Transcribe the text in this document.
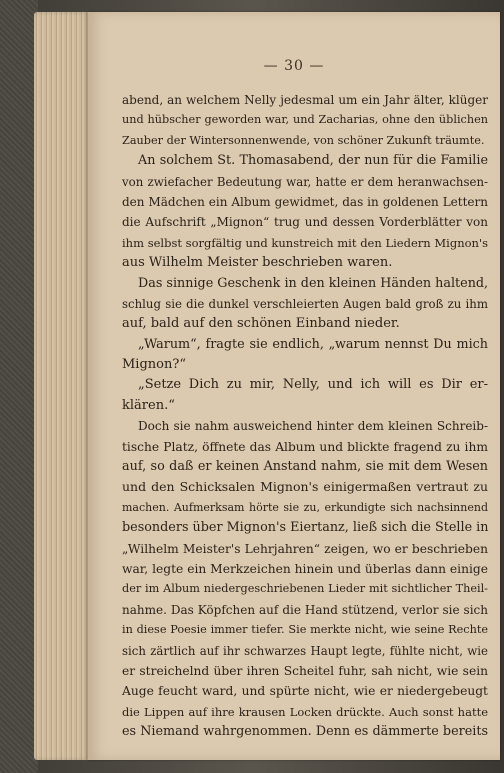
— 30 —
abend, an welchem Nelly jedesmal um ein Jahr älter, klüger
und hübscher geworden war, und Zacharias, ohne den üblichen
Zauber der Wintersonnenwende, von schöner Zukunft träumte.
An solchem St. Thomasabend, der nun für die Familie
von zwiefacher Bedeutung war, hatte er dem heranwachsen-
den Mädchen ein Album gewidmet, das in goldenen Lettern
die Aufschrift „Mignon“ trug und dessen Vorderblätter von
ihm selbst sorgfältig und kunstreich mit den Liedern Mignon's
aus Wilhelm Meister beschrieben waren.
Das sinnige Geschenk in den kleinen Händen haltend,
schlug sie die dunkel verschleierten Augen bald groß zu ihm
auf, bald auf den schönen Einband nieder.
„Warum“, fragte sie endlich, „warum nennst Du mich
Mignon?“
„Setze Dich zu mir, Nelly, und ich will es Dir er-
klären.“
Doch sie nahm ausweichend hinter dem kleinen Schreib-
tische Platz, öffnete das Album und blickte fragend zu ihm
auf, so daß er keinen Anstand nahm, sie mit dem Wesen
und den Schicksalen Mignon's einigermaßen vertraut zu
machen. Aufmerksam hörte sie zu, erkundigte sich nachsinnend
besonders über Mignon's Eiertanz, ließ sich die Stelle in
„Wilhelm Meister's Lehrjahren“ zeigen, wo er beschrieben
war, legte ein Merkzeichen hinein und überlas dann einige
der im Album niedergeschriebenen Lieder mit sichtlicher Theil-
nahme. Das Köpfchen auf die Hand stützend, verlor sie sich
in diese Poesie immer tiefer. Sie merkte nicht, wie seine Rechte
sich zärtlich auf ihr schwarzes Haupt legte, fühlte nicht, wie
er streichelnd über ihren Scheitel fuhr, sah nicht, wie sein
Auge feucht ward, und spürte nicht, wie er niedergebeugt
die Lippen auf ihre krausen Locken drückte. Auch sonst hatte
es Niemand wahrgenommen. Denn es dämmerte bereits
